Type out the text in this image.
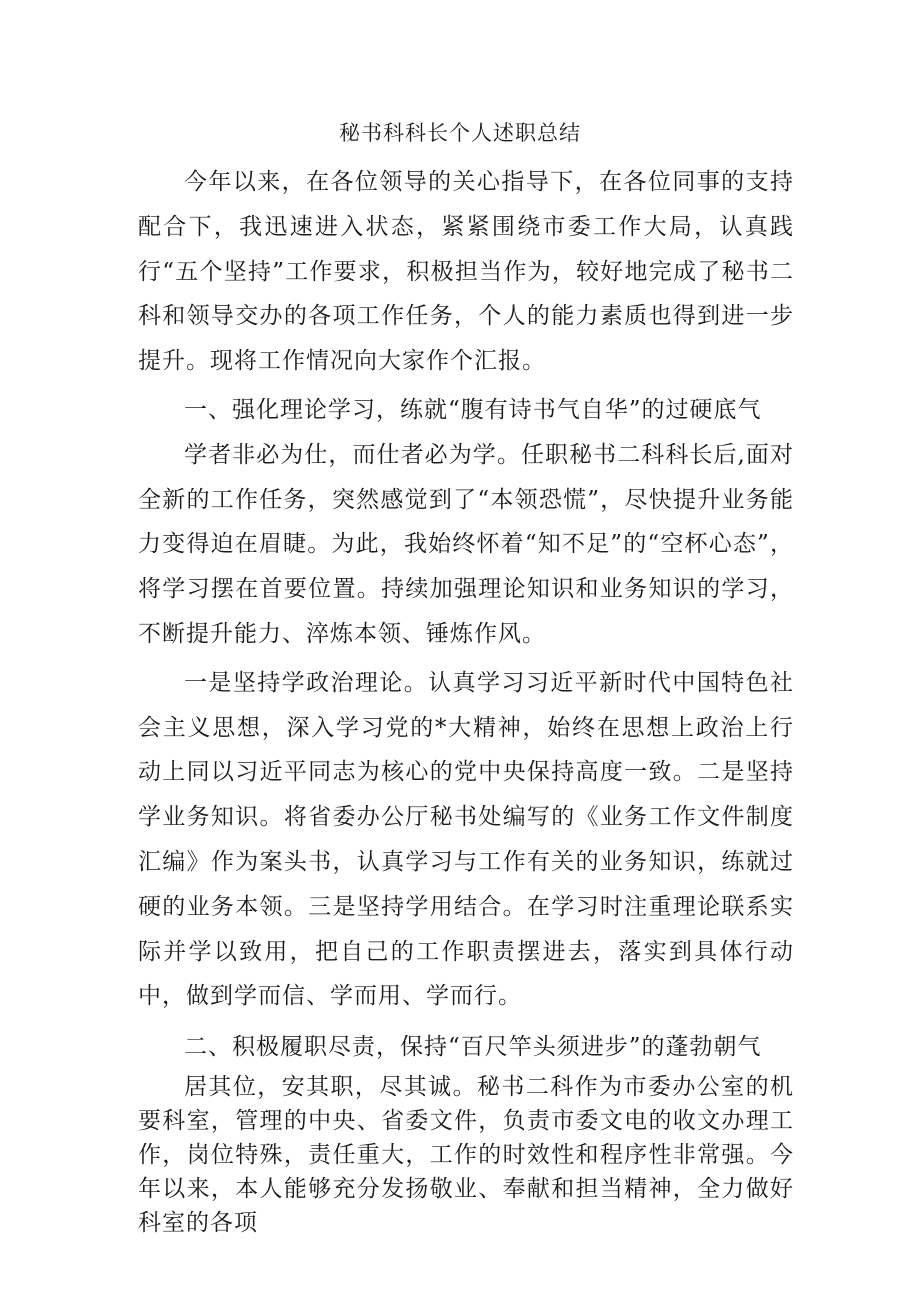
秘书科科长个人述职总结

今年以来，在各位领导的关心指导下，在各位同事的支持配合下，我迅速进入状态，紧紧围绕市委工作大局，认真践行“五个坚持”工作要求，积极担当作为，较好地完成了秘书二科和领导交办的各项工作任务，个人的能力素质也得到进一步提升。现将工作情况向大家作个汇报。

一、强化理论学习，练就“腹有诗书气自华”的过硬底气

学者非必为仕，而仕者必为学。任职秘书二科科长后,面对全新的工作任务，突然感觉到了“本领恐慌”，尽快提升业务能力变得迫在眉睫。为此，我始终怀着“知不足”的“空杯心态”，将学习摆在首要位置。持续加强理论知识和业务知识的学习，不断提升能力、淬炼本领、锤炼作风。

一是坚持学政治理论。认真学习习近平新时代中国特色社会主义思想，深入学习党的*大精神，始终在思想上政治上行动上同以习近平同志为核心的党中央保持高度一致。二是坚持学业务知识。将省委办公厅秘书处编写的《业务工作文件制度汇编》作为案头书，认真学习与工作有关的业务知识，练就过硬的业务本领。三是坚持学用结合。在学习时注重理论联系实际并学以致用，把自己的工作职责摆进去，落实到具体行动中，做到学而信、学而用、学而行。

二、积极履职尽责，保持“百尺竿头须进步”的蓬勃朝气

居其位，安其职，尽其诚。秘书二科作为市委办公室的机要科室，管理的中央、省委文件，负责市委文电的收文办理工作，岗位特殊，责任重大，工作的时效性和程序性非常强。今年以来，本人能够充分发扬敬业、奉献和担当精神，全力做好科室的各项
